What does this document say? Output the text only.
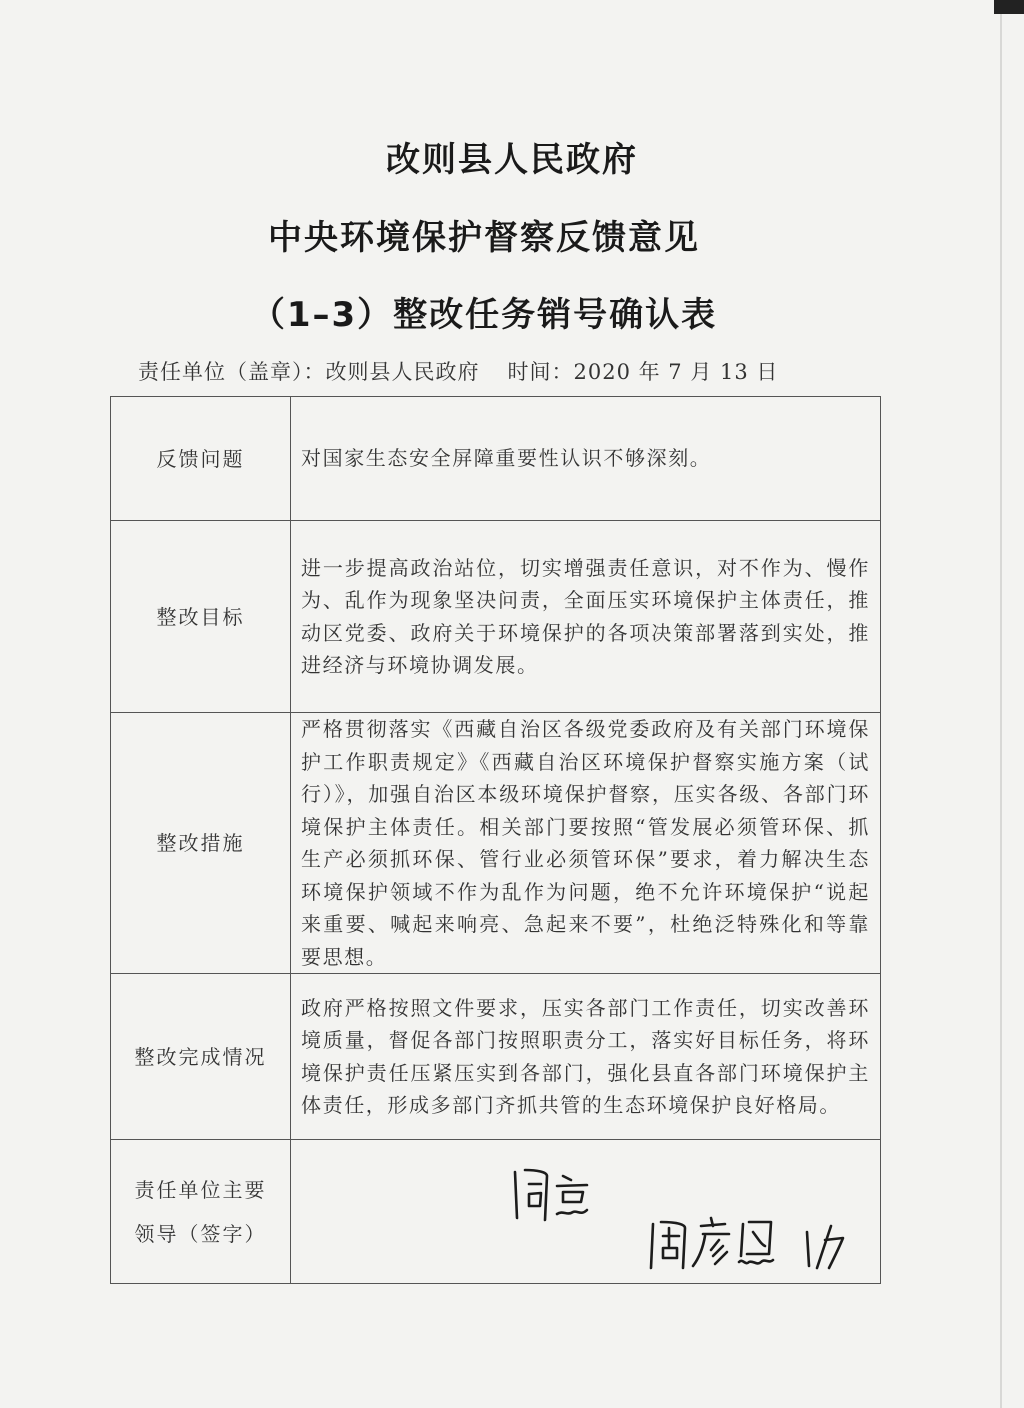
改则县人民政府
中央环境保护督察反馈意见
（1–3）整改任务销号确认表
责任单位（盖章）：改则县人民政府 时间：2020 年 7 月 13 日
反馈问题	对国家生态安全屏障重要性认识不够深刻。
整改目标	进一步提高政治站位，切实增强责任意识，对不作为、慢作为、乱作为现象坚决问责，全面压实环境保护主体责任，推动区党委、政府关于环境保护的各项决策部署落到实处，推进经济与环境协调发展。
整改措施	严格贯彻落实《西藏自治区各级党委政府及有关部门环境保护工作职责规定》《西藏自治区环境保护督察实施方案（试行）》，加强自治区本级环境保护督察，压实各级、各部门环境保护主体责任。相关部门要按照“管发展必须管环保、抓生产必须抓环保、管行业必须管环保”要求，着力解决生态环境保护领域不作为乱作为问题，绝不允许环境保护“说起来重要、喊起来响亮、急起来不要”，杜绝泛特殊化和等靠要思想。
整改完成情况	政府严格按照文件要求，压实各部门工作责任，切实改善环境质量，督促各部门按照职责分工，落实好目标任务，将环境保护责任压紧压实到各部门，强化县直各部门环境保护主体责任，形成多部门齐抓共管的生态环境保护良好格局。

责任单位主要
领导（签字）
